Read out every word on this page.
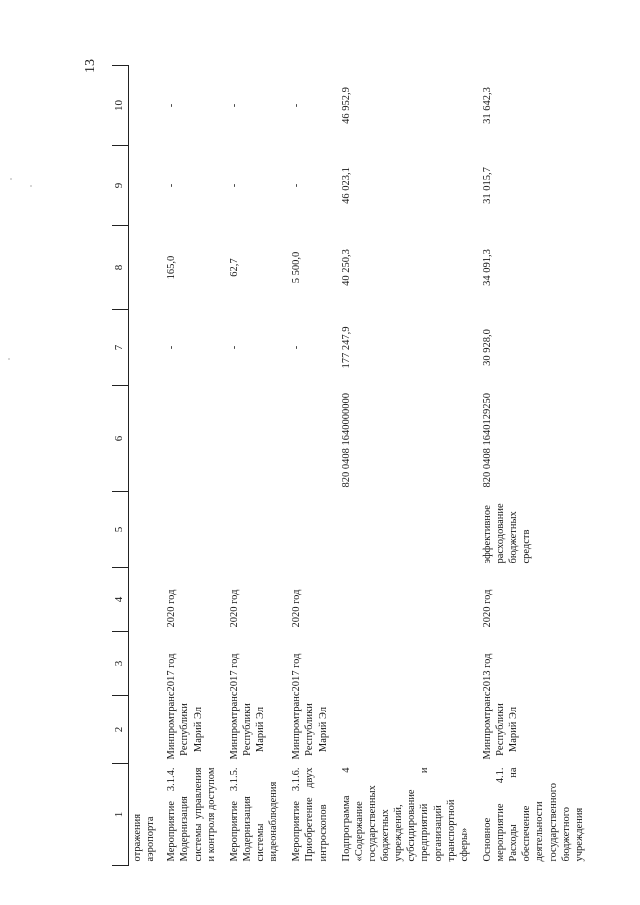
13
1	2	3	4	5	6	7	8	9	10
отражения аэропорта									
Мероприятие 3.1.4. Модернизация системы управления и контроля доступом	Минпромтранс Республики Марий Эл	2017 год	2020 год			-	165,0	-	-
Мероприятие 3.1.5. Модернизация системы видеонаблюдения	Минпромтранс Республики Марий Эл	2017 год	2020 год			-	62,7	-	-
Мероприятие 3.1.6. Приобретение двух интроскопов	Минпромтранс Республики Марий Эл	2017 год	2020 год			-	5 500,0	-	-
Подпрограмма 4 «Содержание государственных бюджетных учреждений, субсидирование предприятий и организаций транспортной сферы»					820 0408 1640000000	177 247,9	40 250,3	46 023,1	46 952,9
Основное мероприятие 4.1. Расходы на обеспечение деятельности государственного бюджетного учреждения	Минпромтранс Республики Марий Эл	2013 год	2020 год	эффективное расходование бюджетных средств	820 0408 1640129250	30 928,0	34 091,3	31 015,7	31 642,3
